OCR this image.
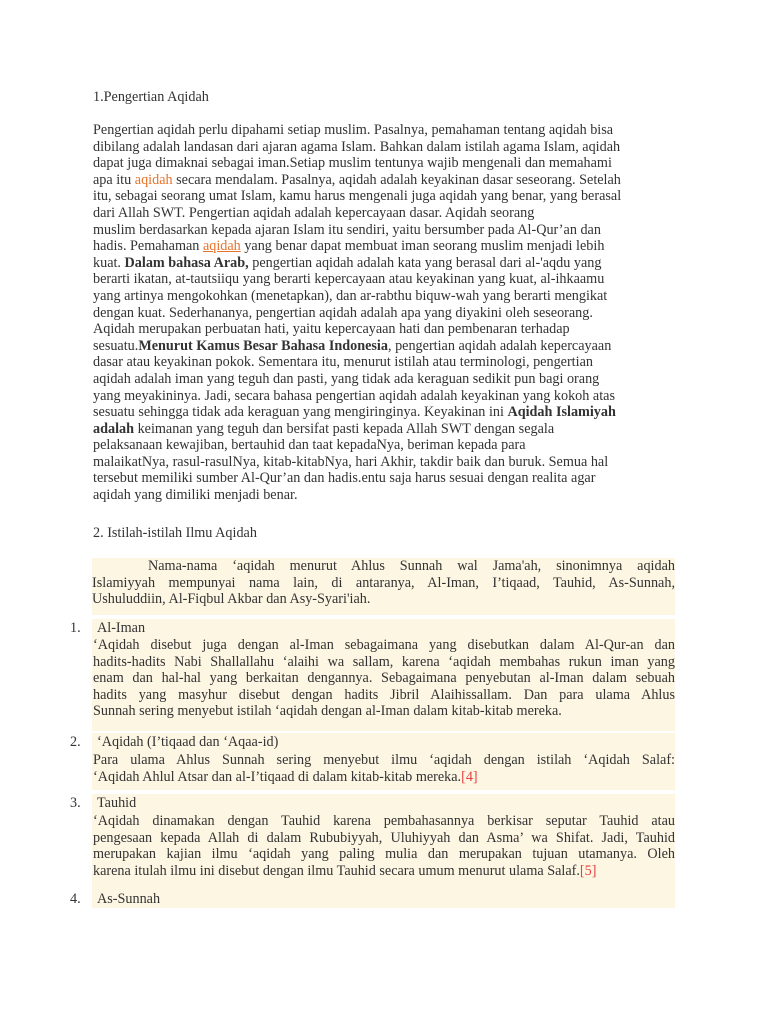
1.Pengertian Aqidah
Pengertian aqidah perlu dipahami setiap muslim. Pasalnya, pemahaman tentang aqidah bisa
dibilang adalah landasan dari ajaran agama Islam. Bahkan dalam istilah agama Islam, aqidah
dapat juga dimaknai sebagai iman.Setiap muslim tentunya wajib mengenali dan memahami
apa itu aqidah secara mendalam. Pasalnya, aqidah adalah keyakinan dasar seseorang. Setelah
itu, sebagai seorang umat Islam, kamu harus mengenali juga aqidah yang benar, yang berasal
dari Allah SWT. Pengertian aqidah adalah kepercayaan dasar. Aqidah seorang
muslim berdasarkan kepada ajaran Islam itu sendiri, yaitu bersumber pada Al-Qur’an dan
hadis. Pemahaman aqidah yang benar dapat membuat iman seorang muslim menjadi lebih
kuat. Dalam bahasa Arab, pengertian aqidah adalah kata yang berasal dari al-'aqdu yang
berarti ikatan, at-tautsiiqu yang berarti kepercayaan atau keyakinan yang kuat, al-ihkaamu
yang artinya mengokohkan (menetapkan), dan ar-rabthu biquw-wah yang berarti mengikat
dengan kuat. Sederhananya, pengertian aqidah adalah apa yang diyakini oleh seseorang.
Aqidah merupakan perbuatan hati, yaitu kepercayaan hati dan pembenaran terhadap
sesuatu.Menurut Kamus Besar Bahasa Indonesia, pengertian aqidah adalah kepercayaan
dasar atau keyakinan pokok. Sementara itu, menurut istilah atau terminologi, pengertian
aqidah adalah iman yang teguh dan pasti, yang tidak ada keraguan sedikit pun bagi orang
yang meyakininya. Jadi, secara bahasa pengertian aqidah adalah keyakinan yang kokoh atas
sesuatu sehingga tidak ada keraguan yang mengiringinya. Keyakinan ini Aqidah Islamiyah
adalah keimanan yang teguh dan bersifat pasti kepada Allah SWT dengan segala
pelaksanaan kewajiban, bertauhid dan taat kepadaNya, beriman kepada para
malaikatNya, rasul-rasulNya, kitab-kitabNya, hari Akhir, takdir baik dan buruk. Semua hal
tersebut memiliki sumber Al-Qur’an dan hadis.entu saja harus sesuai dengan realita agar
aqidah yang dimiliki menjadi benar.
2. Istilah-istilah Ilmu Aqidah
Nama-nama ‘aqidah menurut Ahlus Sunnah wal Jama'ah, sinonimnya aqidah
Islamiyyah mempunyai nama lain, di antaranya, Al-Iman, I’tiqaad, Tauhid, As-Sunnah,
Ushuluddiin, Al-Fiqbul Akbar dan Asy-Syari'iah.
1. Al-Iman
‘Aqidah disebut juga dengan al-Iman sebagaimana yang disebutkan dalam Al-Qur-an dan
hadits-hadits Nabi Shallallahu ‘alaihi wa sallam, karena ‘aqidah membahas rukun iman yang
enam dan hal-hal yang berkaitan dengannya. Sebagaimana penyebutan al-Iman dalam sebuah
hadits yang masyhur disebut dengan hadits Jibril Alaihissallam. Dan para ulama Ahlus
Sunnah sering menyebut istilah ‘aqidah dengan al-Iman dalam kitab-kitab mereka.
2. ‘Aqidah (I’tiqaad dan ‘Aqaa-id)
Para ulama Ahlus Sunnah sering menyebut ilmu ‘aqidah dengan istilah ‘Aqidah Salaf:
‘Aqidah Ahlul Atsar dan al-I’tiqaad di dalam kitab-kitab mereka.[4]
3. Tauhid
‘Aqidah dinamakan dengan Tauhid karena pembahasannya berkisar seputar Tauhid atau
pengesaan kepada Allah di dalam Rububiyyah, Uluhiyyah dan Asma’ wa Shifat. Jadi, Tauhid
merupakan kajian ilmu ‘aqidah yang paling mulia dan merupakan tujuan utamanya. Oleh
karena itulah ilmu ini disebut dengan ilmu Tauhid secara umum menurut ulama Salaf.[5]
4. As-Sunnah
